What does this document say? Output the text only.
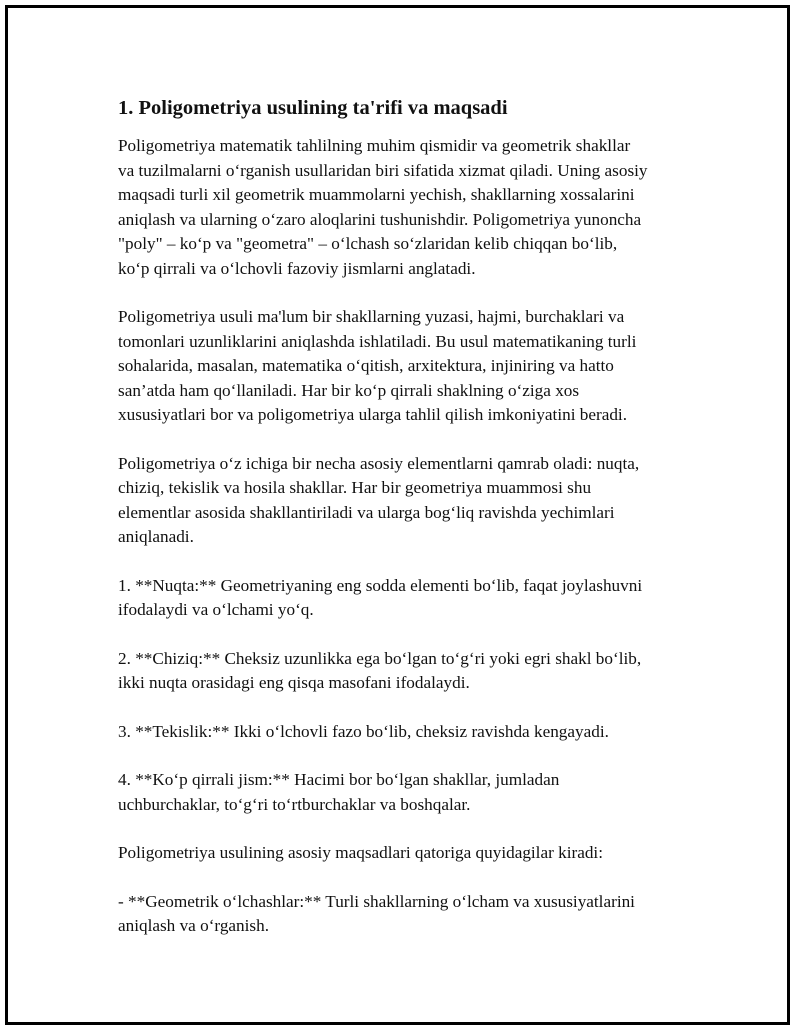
1. Poligometriya usulining ta'rifi va maqsadi
Poligometriya matematik tahlilning muhim qismidir va geometrik shakllar
va tuzilmalarni o‘rganish usullaridan biri sifatida xizmat qiladi. Uning asosiy
maqsadi turli xil geometrik muammolarni yechish, shakllarning xossalarini
aniqlash va ularning o‘zaro aloqlarini tushunishdir. Poligometriya yunoncha
"poly" – ko‘p va "geometra" – o‘lchash so‘zlaridan kelib chiqqan bo‘lib,
ko‘p qirrali va o‘lchovli fazoviy jismlarni anglatadi.
Poligometriya usuli ma'lum bir shakllarning yuzasi, hajmi, burchaklari va
tomonlari uzunliklarini aniqlashda ishlatiladi. Bu usul matematikaning turli
sohalarida, masalan, matematika o‘qitish, arxitektura, injiniring va hatto
san’atda ham qo‘llaniladi. Har bir ko‘p qirrali shaklning o‘ziga xos
xususiyatlari bor va poligometriya ularga tahlil qilish imkoniyatini beradi.
Poligometriya o‘z ichiga bir necha asosiy elementlarni qamrab oladi: nuqta,
chiziq, tekislik va hosila shakllar. Har bir geometriya muammosi shu
elementlar asosida shakllantiriladi va ularga bog‘liq ravishda yechimlari
aniqlanadi.
1. **Nuqta:** Geometriyaning eng sodda elementi bo‘lib, faqat joylashuvni
ifodalaydi va o‘lchami yo‘q.
2. **Chiziq:** Cheksiz uzunlikka ega bo‘lgan to‘g‘ri yoki egri shakl bo‘lib,
ikki nuqta orasidagi eng qisqa masofani ifodalaydi.
3. **Tekislik:** Ikki o‘lchovli fazo bo‘lib, cheksiz ravishda kengayadi.
4. **Ko‘p qirrali jism:** Hacimi bor bo‘lgan shakllar, jumladan
uchburchaklar, to‘g‘ri to‘rtburchaklar va boshqalar.
Poligometriya usulining asosiy maqsadlari qatoriga quyidagilar kiradi:
- **Geometrik o‘lchashlar:** Turli shakllarning o‘lcham va xususiyatlarini
aniqlash va o‘rganish.
